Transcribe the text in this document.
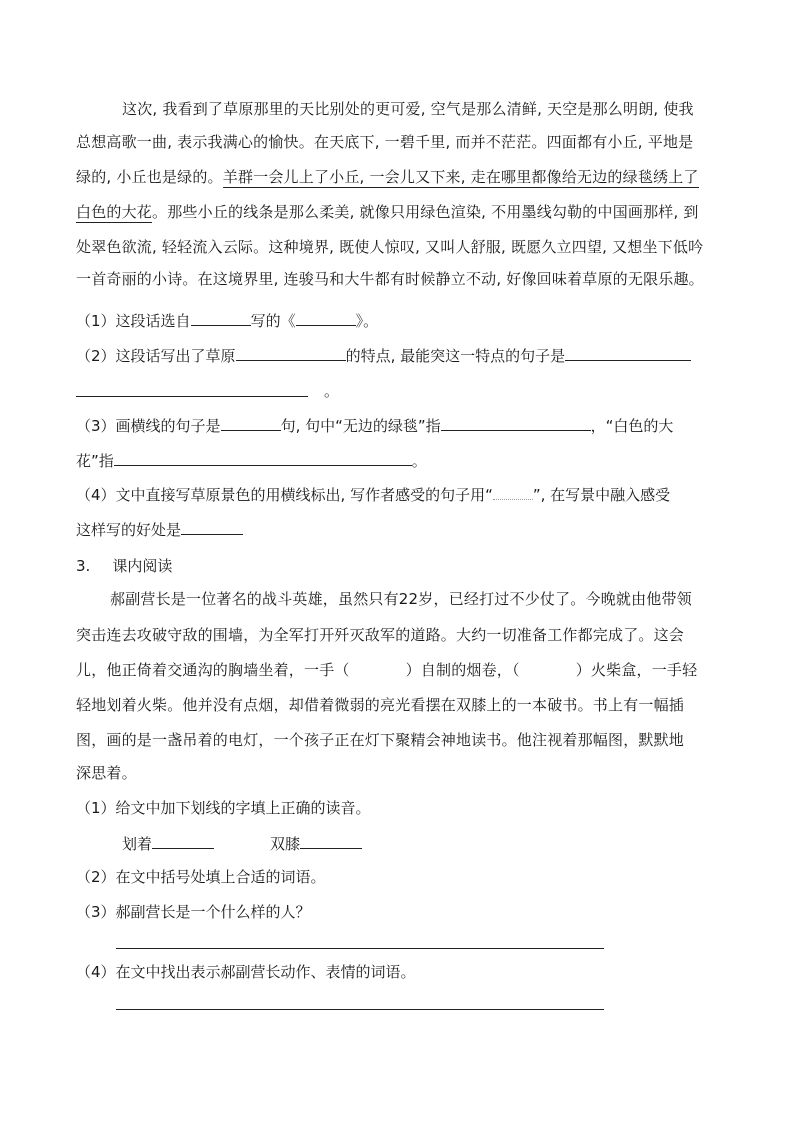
这次, 我看到了草原那里的天比别处的更可爱, 空气是那么清鲜, 天空是那么明朗, 使我
总想高歌一曲, 表示我满心的愉快。在天底下, 一碧千里, 而并不茫茫。四面都有小丘, 平地是
绿的, 小丘也是绿的。羊群一会儿上了小丘, 一会儿又下来, 走在哪里都像给无边的绿毯绣上了
白色的大花。那些小丘的线条是那么柔美, 就像只用绿色渲染, 不用墨线勾勒的中国画那样, 到
处翠色欲流, 轻轻流入云际。这种境界, 既使人惊叹, 又叫人舒服, 既愿久立四望, 又想坐下低吟
一首奇丽的小诗。在这境界里, 连骏马和大牛都有时候静立不动, 好像回味着草原的无限乐趣。
（1）这段话选自	写的《	》。
（2）这段话写出了草原	的特点, 最能突这一特点的句子是
。
（3）画横线的句子是	句, 句中“无边的绿毯”指	，“白色的大
花”指	。
（4）文中直接写草原景色的用横线标出, 写作者感受的句子用“	”, 在写景中融入感受
这样写的好处是
3. 课内阅读
郝副营长是一位著名的战斗英雄，虽然只有22岁，已经打过不少仗了。今晚就由他带领
突击连去攻破守敌的围墙，为全军打开歼灭敌军的道路。大约一切准备工作都完成了。这会
儿，他正倚着交通沟的胸墙坐着，一手（	）自制的烟卷，（	）火柴盒，一手轻
轻地划着火柴。他并没有点烟，却借着微弱的亮光看摆在双膝上的一本破书。书上有一幅插
图，画的是一盏吊着的电灯，一个孩子正在灯下聚精会神地读书。他注视着那幅图，默默地
深思着。
（1）给文中加下划线的字填上正确的读音。
划着	双膝
（2）在文中括号处填上合适的词语。
（3）郝副营长是一个什么样的人？
（4）在文中找出表示郝副营长动作、表情的词语。
